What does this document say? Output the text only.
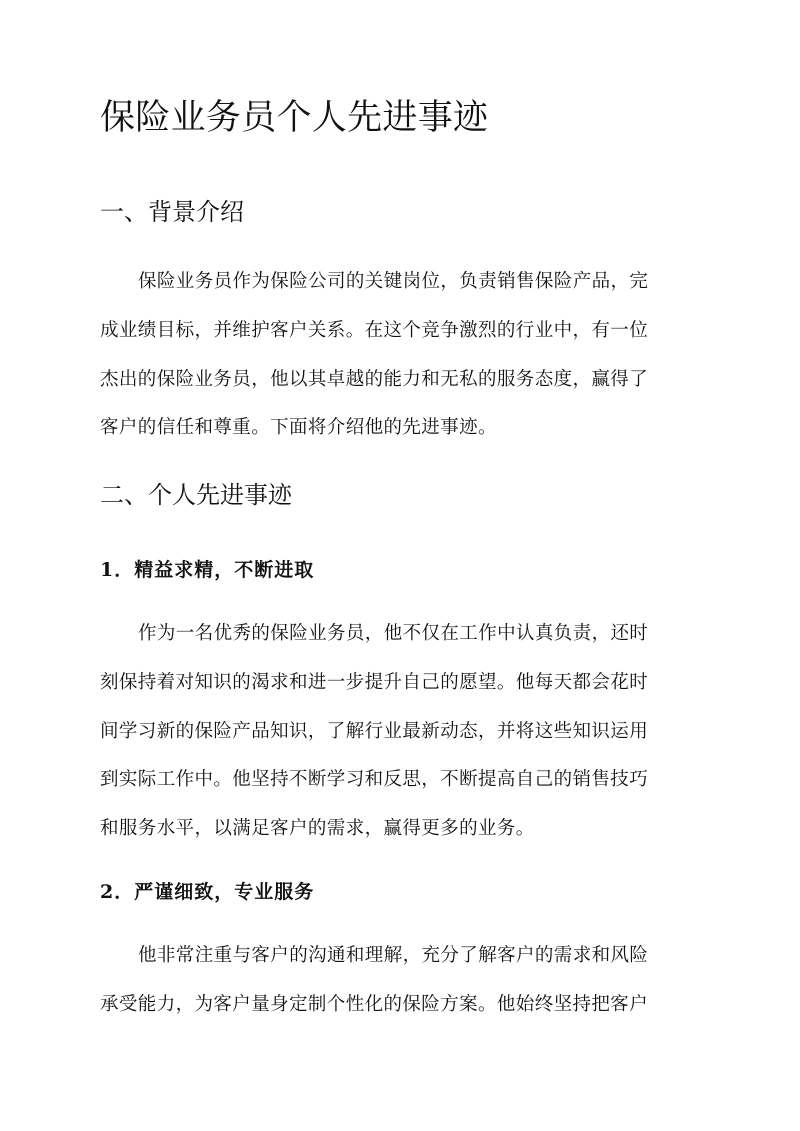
保险业务员个人先进事迹
一、背景介绍
保险业务员作为保险公司的关键岗位，负责销售保险产品，完
成业绩目标，并维护客户关系。在这个竞争激烈的行业中，有一位
杰出的保险业务员，他以其卓越的能力和无私的服务态度，赢得了
客户的信任和尊重。下面将介绍他的先进事迹。
二、个人先进事迹
1．精益求精，不断进取
作为一名优秀的保险业务员，他不仅在工作中认真负责，还时
刻保持着对知识的渴求和进一步提升自己的愿望。他每天都会花时
间学习新的保险产品知识，了解行业最新动态，并将这些知识运用
到实际工作中。他坚持不断学习和反思，不断提高自己的销售技巧
和服务水平，以满足客户的需求，赢得更多的业务。
2．严谨细致，专业服务
他非常注重与客户的沟通和理解，充分了解客户的需求和风险
承受能力，为客户量身定制个性化的保险方案。他始终坚持把客户
